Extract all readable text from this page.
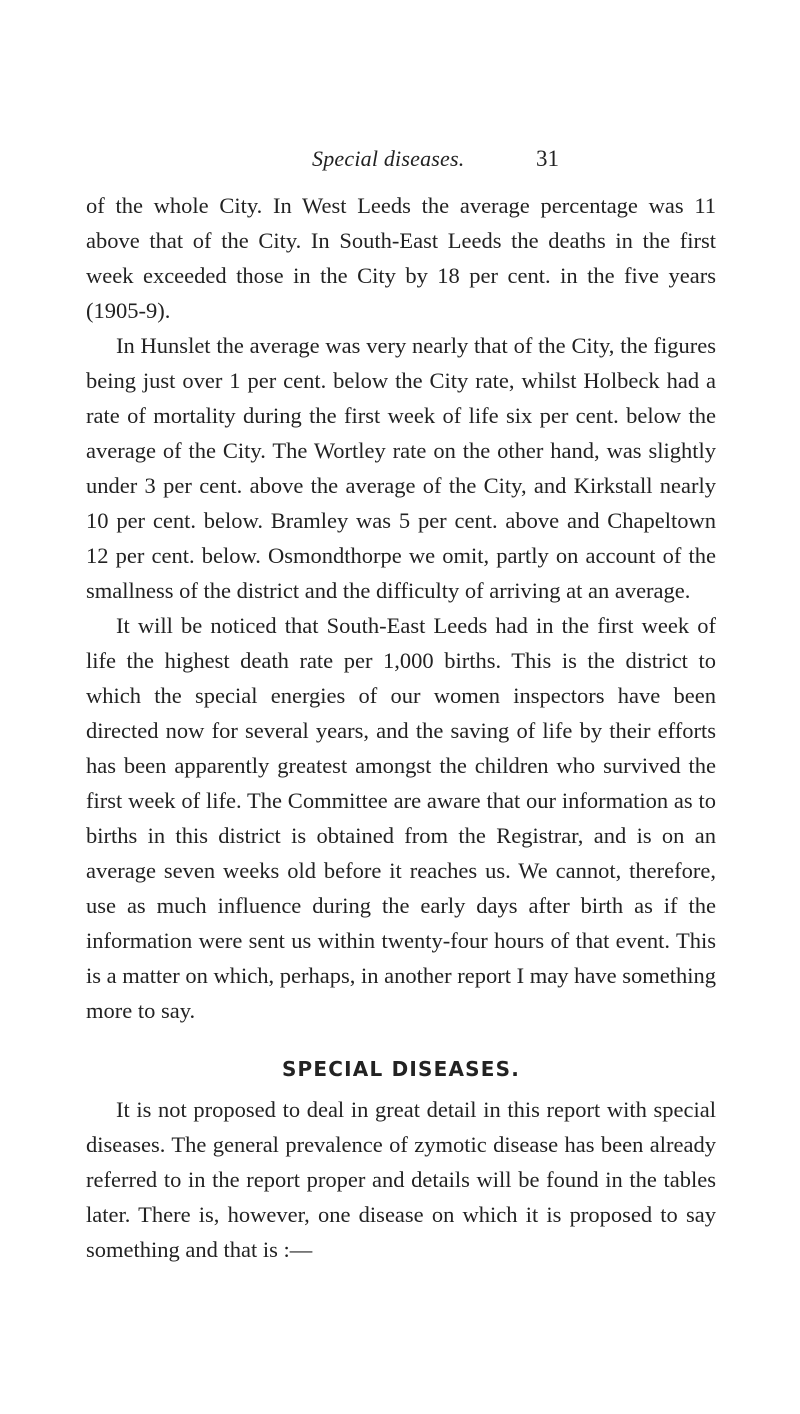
Special diseases.	31

of the whole City. In West Leeds the average percentage was 11 above that of the City. In South-East Leeds the deaths in the first week exceeded those in the City by 18 per cent. in the five years (1905-9).

In Hunslet the average was very nearly that of the City, the figures being just over 1 per cent. below the City rate, whilst Holbeck had a rate of mortality during the first week of life six per cent. below the average of the City. The Wortley rate on the other hand, was slightly under 3 per cent. above the average of the City, and Kirkstall nearly 10 per cent. below. Bramley was 5 per cent. above and Chapeltown 12 per cent. below. Osmondthorpe we omit, partly on account of the smallness of the district and the difficulty of arriving at an average.

It will be noticed that South-East Leeds had in the first week of life the highest death rate per 1,000 births. This is the district to which the special energies of our women inspectors have been directed now for several years, and the saving of life by their efforts has been apparently greatest amongst the children who survived the first week of life. The Committee are aware that our information as to births in this district is obtained from the Registrar, and is on an average seven weeks old before it reaches us. We cannot, therefore, use as much influence during the early days after birth as if the information were sent us within twenty-four hours of that event. This is a matter on which, perhaps, in another report I may have something more to say.

SPECIAL DISEASES.

It is not proposed to deal in great detail in this report with special diseases. The general prevalence of zymotic disease has been already referred to in the report proper and details will be found in the tables later. There is, however, one disease on which it is proposed to say something and that is :—
